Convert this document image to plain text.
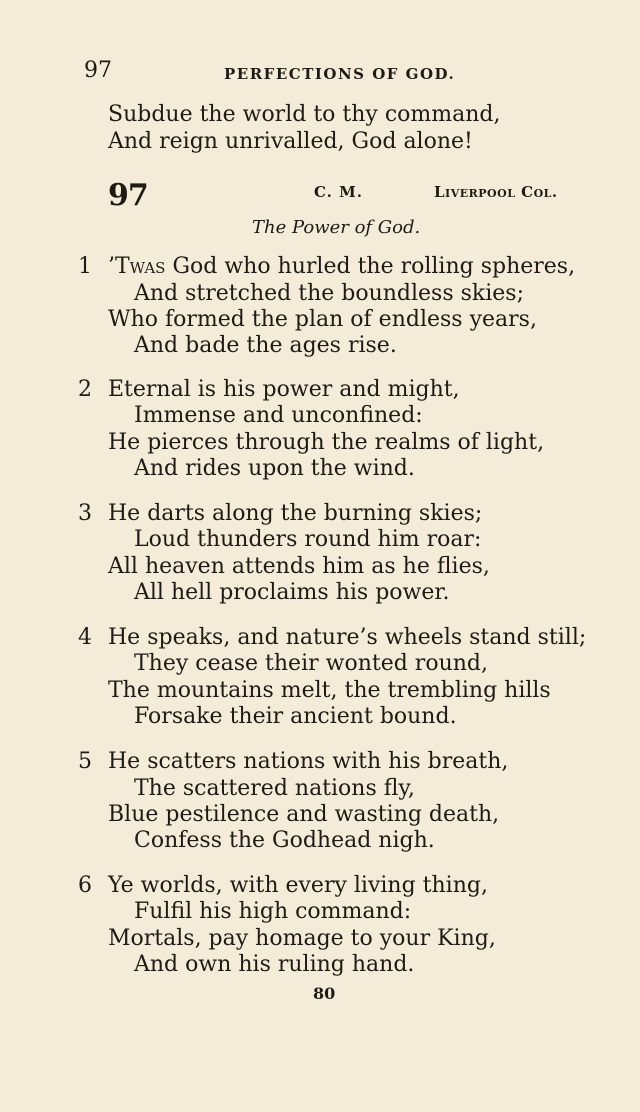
97	PERFECTIONS OF GOD.
Subdue the world to thy command,
And reign unrivalled, God alone!
97	C. M.	Liverpool Col.
The Power of God.
1 ’Twas God who hurled the rolling spheres,
And stretched the boundless skies;
Who formed the plan of endless years,
And bade the ages rise.
2 Eternal is his power and might,
Immense and unconfined:
He pierces through the realms of light,
And rides upon the wind.
3 He darts along the burning skies;
Loud thunders round him roar:
All heaven attends him as he flies,
All hell proclaims his power.
4 He speaks, and nature’s wheels stand still;
They cease their wonted round,
The mountains melt, the trembling hills
Forsake their ancient bound.
5 He scatters nations with his breath,
The scattered nations fly,
Blue pestilence and wasting death,
Confess the Godhead nigh.
6 Ye worlds, with every living thing,
Fulfil his high command:
Mortals, pay homage to your King,
And own his ruling hand.
80
